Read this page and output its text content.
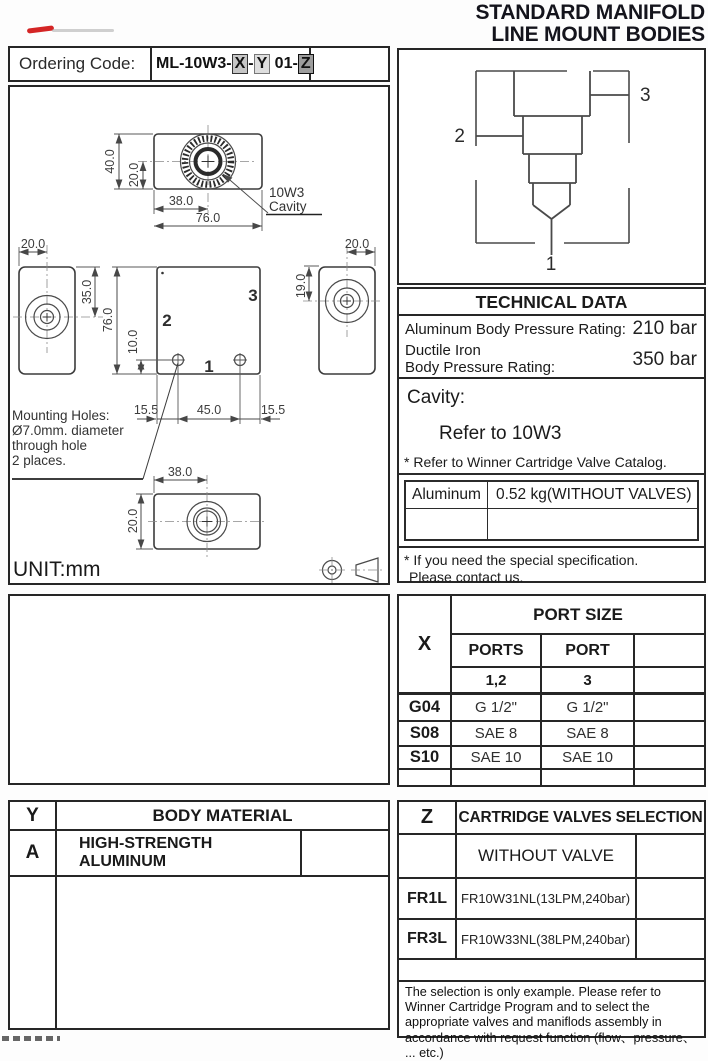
STANDARD MANIFOLD
LINE MOUNT BODIES
Ordering Code:	ML-10W3- X - Y 01- Z
40.0
20.0
38.0
76.0
10W3
Cavity
20.0
35.0
2
3
1
76.0
10.0
15.5	45.0	15.5
Mounting Holes:
Ø7.0mm. diameter
through hole
2 places.
20.0
19.0
38.0
20.0
UNIT:mm
3
2
1
TECHNICAL DATA
Aluminum Body Pressure Rating: 210 bar
Ductile Iron
Body Pressure Rating:	350 bar
Cavity:
Refer to 10W3
* Refer to Winner Cartridge Valve Catalog.
Aluminum 0.52 kg(WITHOUT VALVES)
* If you need the special specification.
Please contact us.
X
PORT SIZE
PORTS	PORT
1,2	3
G04	G 1/2"	G 1/2"
S08	SAE 8	SAE 8
S10	SAE 10	SAE 10
Y	BODY MATERIAL
A	HIGH-STRENGTH ALUMINUM
Z	CARTRIDGE VALVES SELECTION
WITHOUT VALVE
FR1L	FR10W31NL(13LPM,240bar)
FR3L	FR10W33NL(38LPM,240bar)
The selection is only example. Please refer to Winner Cartridge Program and to select the appropriate valves and maniflods assembly in accordance with request function (flow、pressure、 ... etc.)
